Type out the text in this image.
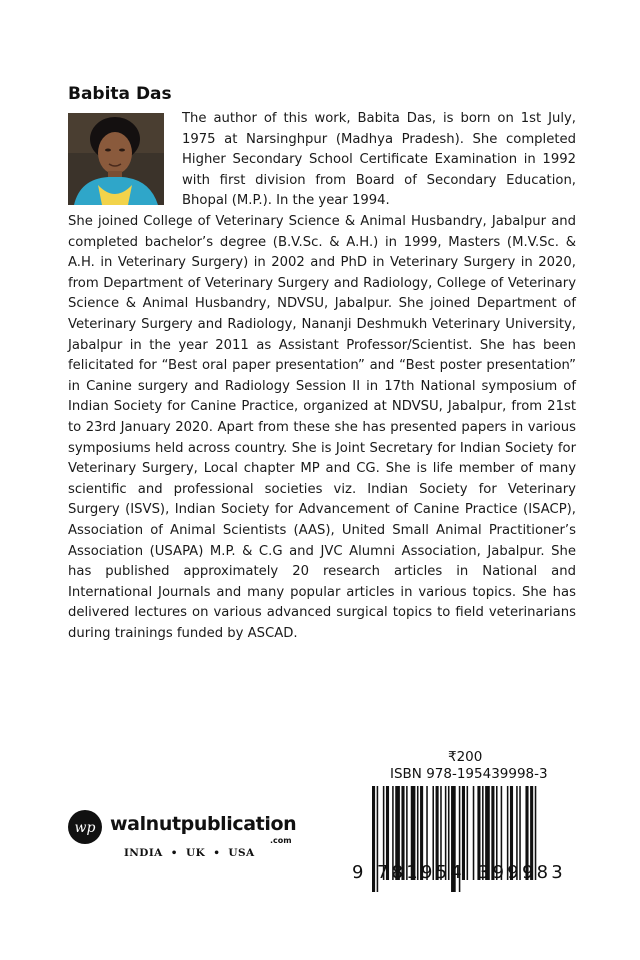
Babita Das

The author of this work, Babita Das, is born on 1st July, 1975 at Narsinghpur (Madhya Pradesh). She completed Higher Secondary School Certificate Examination in 1992 with first division from Board of Secondary Education, Bhopal (M.P.). In the year 1994.

She joined College of Veterinary Science & Animal Husbandry, Jabalpur and completed bachelor’s degree (B.V.Sc. & A.H.) in 1999, Masters (M.V.Sc. & A.H. in Veterinary Surgery) in 2002 and PhD in Veterinary Surgery in 2020, from Department of Veterinary Surgery and Radiology, College of Veterinary Science & Animal Husbandry, NDVSU, Jabalpur. She joined Department of Veterinary Surgery and Radiology, Nananji Deshmukh Veterinary University, Jabalpur in the year 2011 as Assistant Professor/Scientist. She has been felicitated for “Best oral paper presentation” and “Best poster presentation” in Canine surgery and Radiology Session II in 17th National symposium of Indian Society for Canine Practice, organized at NDVSU, Jabalpur, from 21st to 23rd January 2020. Apart from these she has presented papers in various symposiums held across country. She is Joint Secretary for Indian Society for Veterinary Surgery, Local chapter MP and CG. She is life member of many scientific and professional societies viz. Indian Society for Veterinary Surgery (ISVS), Indian Society for Advancement of Canine Practice (ISACP), Association of Animal Scientists (AAS), United Small Animal Practitioner’s Association (USAPA) M.P. & C.G and JVC Alumni Association, Jabalpur. She has published approximately 20 research articles in National and International Journals and many popular articles in various topics. She has delivered lectures on various advanced surgical topics to field veterinarians during trainings funded by ASCAD.

₹200
ISBN 978-195439998-3
9 781954 399983
wp walnutpublication
.com
INDIA  •  UK  •  USA
